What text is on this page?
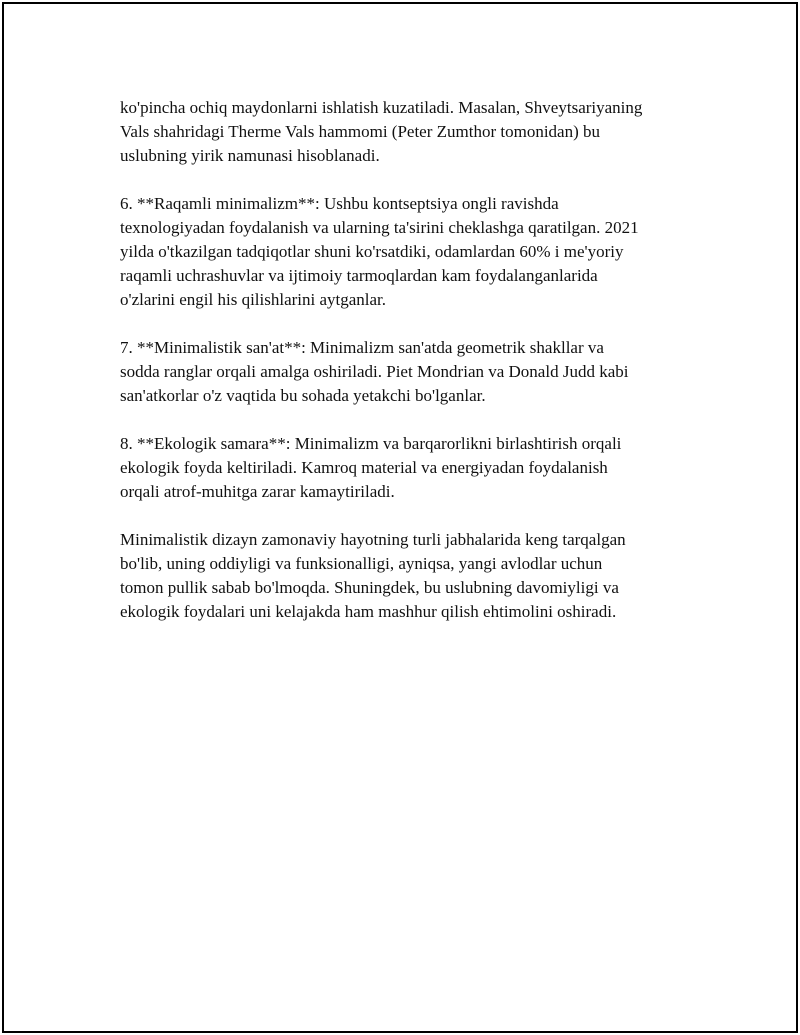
ko'pincha ochiq maydonlarni ishlatish kuzatiladi. Masalan, Shveytsariyaning
Vals shahridagi Therme Vals hammomi (Peter Zumthor tomonidan) bu
uslubning yirik namunasi hisoblanadi.

6. **Raqamli minimalizm**: Ushbu kontseptsiya ongli ravishda
texnologiyadan foydalanish va ularning ta'sirini cheklashga qaratilgan. 2021
yilda o'tkazilgan tadqiqotlar shuni ko'rsatdiki, odamlardan 60% i me'yoriy
raqamli uchrashuvlar va ijtimoiy tarmoqlardan kam foydalanganlarida
o'zlarini engil his qilishlarini aytganlar.

7. **Minimalistik san'at**: Minimalizm san'atda geometrik shakllar va
sodda ranglar orqali amalga oshiriladi. Piet Mondrian va Donald Judd kabi
san'atkorlar o'z vaqtida bu sohada yetakchi bo'lganlar.

8. **Ekologik samara**: Minimalizm va barqarorlikni birlashtirish orqali
ekologik foyda keltiriladi. Kamroq material va energiyadan foydalanish
orqali atrof-muhitga zarar kamaytiriladi.

Minimalistik dizayn zamonaviy hayotning turli jabhalarida keng tarqalgan
bo'lib, uning oddiyligi va funksionalligi, ayniqsa, yangi avlodlar uchun
tomon pullik sabab bo'lmoqda. Shuningdek, bu uslubning davomiyligi va
ekologik foydalari uni kelajakda ham mashhur qilish ehtimolini oshiradi.
